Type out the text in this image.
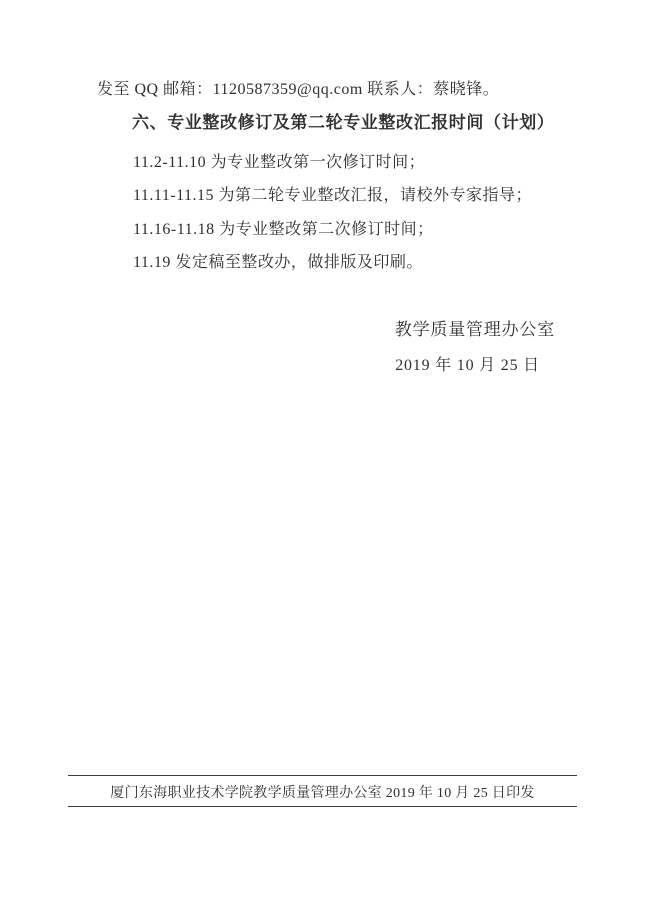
发至 QQ 邮箱：1120587359@qq.com 联系人：蔡晓锋。
六、专业整改修订及第二轮专业整改汇报时间（计划）
11.2-11.10 为专业整改第一次修订时间；
11.11-11.15 为第二轮专业整改汇报，请校外专家指导；
11.16-11.18 为专业整改第二次修订时间；
11.19 发定稿至整改办，做排版及印刷。
教学质量管理办公室
2019 年 10 月 25 日
厦门东海职业技术学院教学质量管理办公室 2019 年 10 月 25 日印发
